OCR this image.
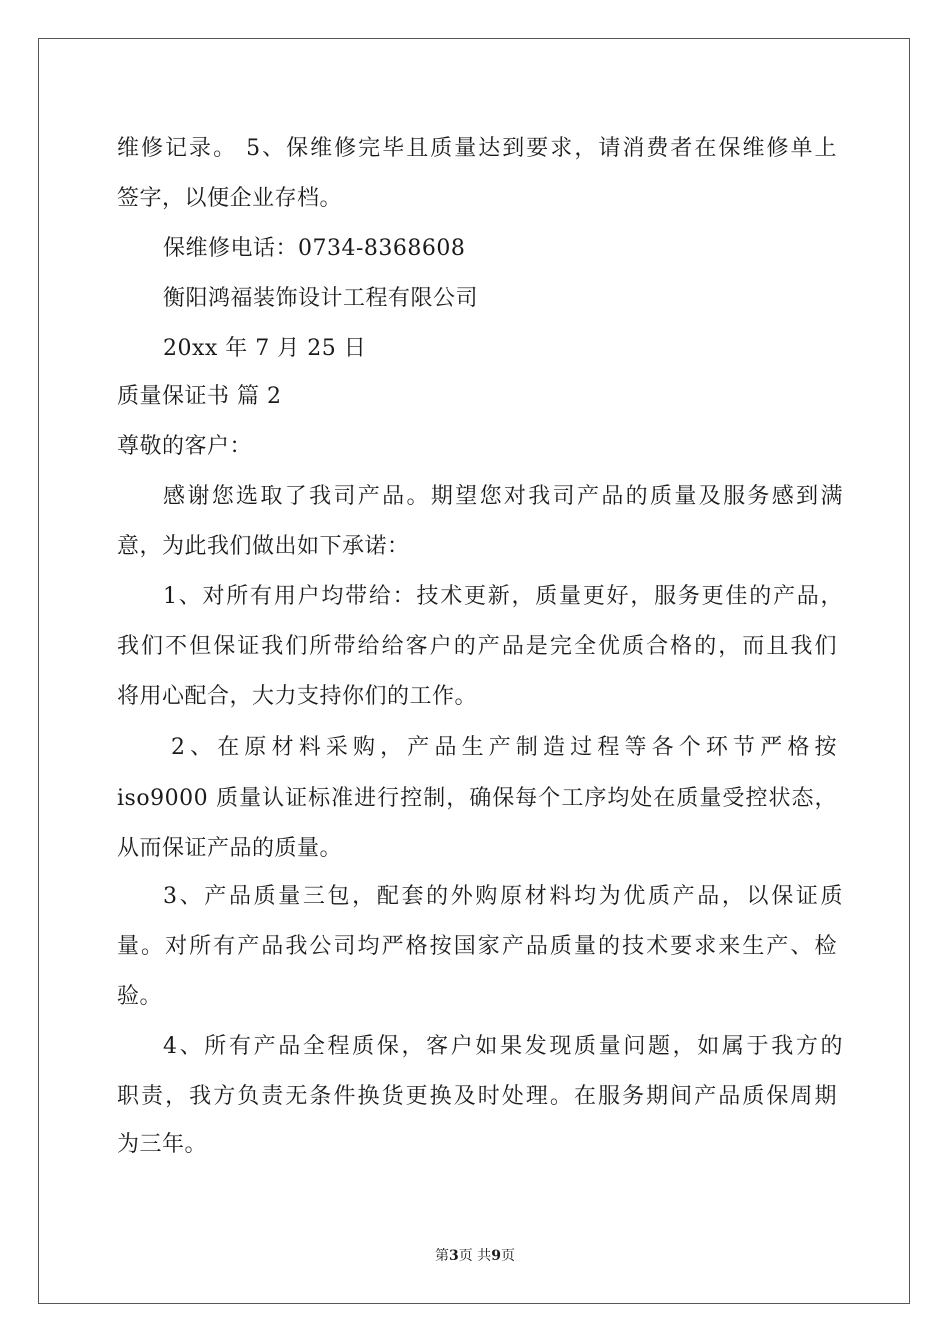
维修记录。 5、保维修完毕且质量达到要求，请消费者在保维修单上
签字，以便企业存档。
保维修电话：0734-8368608
衡阳鸿福装饰设计工程有限公司
20xx 年 7 月 25 日
质量保证书 篇 2
尊敬的客户：
感谢您选取了我司产品。期望您对我司产品的质量及服务感到满
意，为此我们做出如下承诺：
1、对所有用户均带给：技术更新，质量更好，服务更佳的产品，
我们不但保证我们所带给给客户的产品是完全优质合格的，而且我们
将用心配合，大力支持你们的工作。
2、在原材料采购，产品生产制造过程等各个环节严格按
iso9000 质量认证标准进行控制，确保每个工序均处在质量受控状态，
从而保证产品的质量。
3、产品质量三包，配套的外购原材料均为优质产品，以保证质
量。对所有产品我公司均严格按国家产品质量的技术要求来生产、检
验。
4、所有产品全程质保，客户如果发现质量问题，如属于我方的
职责，我方负责无条件换货更换及时处理。在服务期间产品质保周期
为三年。
第3页 共9页
